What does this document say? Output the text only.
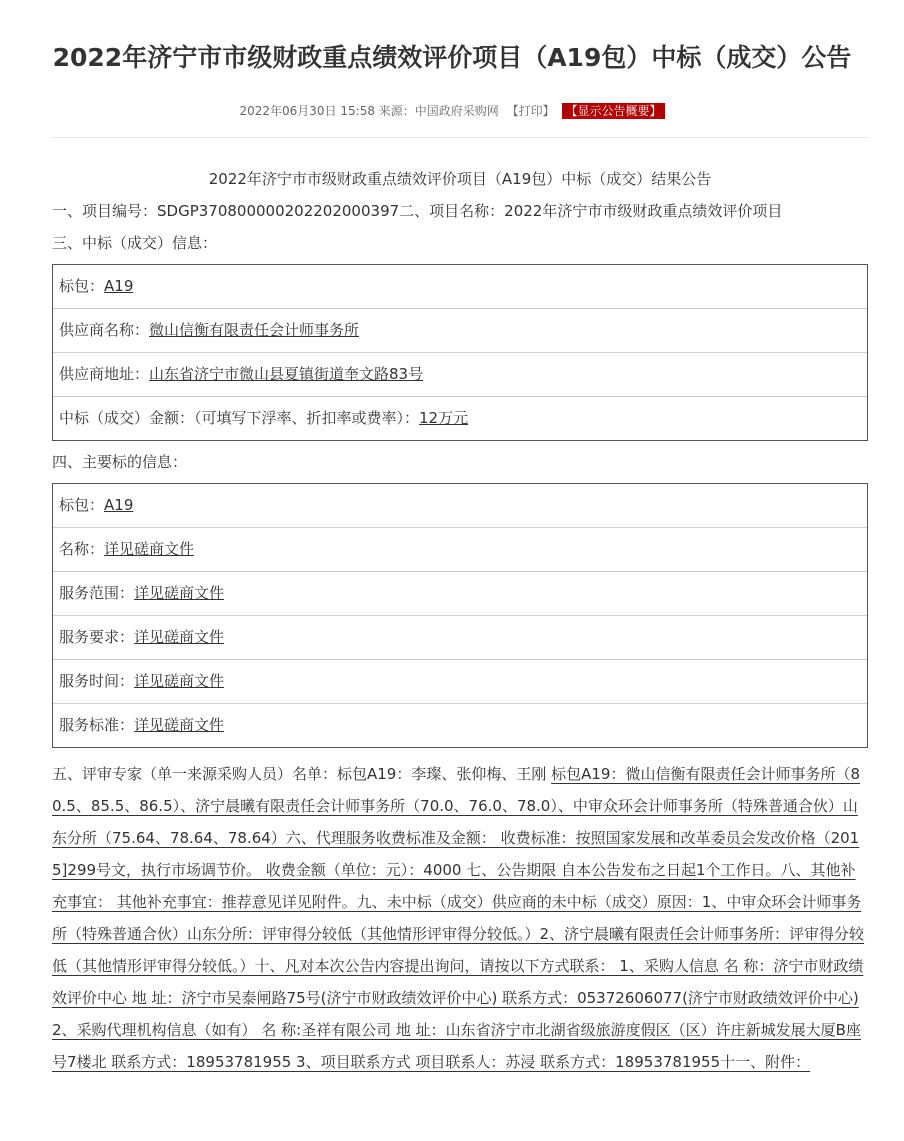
2022年济宁市市级财政重点绩效评价项目（A19包）中标（成交）公告
2022年06月30日 15:58 来源：中国政府采购网 【打印】 【显示公告概要】
2022年济宁市市级财政重点绩效评价项目（A19包）中标（成交）结果公告
一、项目编号：SDGP370800000202202000397二、项目名称：2022年济宁市市级财政重点绩效评价项目
三、中标（成交）信息：
标包：A19
供应商名称：微山信衡有限责任会计师事务所
供应商地址：山东省济宁市微山县夏镇街道奎文路83号
中标（成交）金额：（可填写下浮率、折扣率或费率）：12万元
四、主要标的信息：
标包：A19
名称：详见磋商文件
服务范围：详见磋商文件
服务要求：详见磋商文件
服务时间：详见磋商文件
服务标准：详见磋商文件
五、评审专家（单一来源采购人员）名单：标包A19：李璨、张仰梅、王刚 标包A19：微山信衡有限责任会计师事务所（80.5、85.5、86.5）、济宁晨曦有限责任会计师事务所（70.0、76.0、78.0）、中审众环会计师事务所（特殊普通合伙）山东分所（75.64、78.64、78.64）六、代理服务收费标准及金额： 收费标准：按照国家发展和改革委员会发改价格（2015]299号文，执行市场调节价。 收费金额（单位：元）：4000 七、公告期限 自本公告发布之日起1个工作日。八、其他补充事宜： 其他补充事宜：推荐意见详见附件。九、未中标（成交）供应商的未中标（成交）原因：1、中审众环会计师事务所（特殊普通合伙）山东分所：评审得分较低（其他情形评审得分较低。）2、济宁晨曦有限责任会计师事务所：评审得分较低（其他情形评审得分较低。）十、凡对本次公告内容提出询问，请按以下方式联系： 1、采购人信息 名 称：济宁市财政绩效评价中心 地 址：济宁市吴泰闸路75号(济宁市财政绩效评价中心) 联系方式：05372606077(济宁市财政绩效评价中心) 2、采购代理机构信息（如有） 名 称:圣祥有限公司 地 址：山东省济宁市北湖省级旅游度假区（区）许庄新城发展大厦B座号7楼北 联系方式：18953781955 3、项目联系方式 项目联系人：苏浸 联系方式：18953781955十一、附件：
